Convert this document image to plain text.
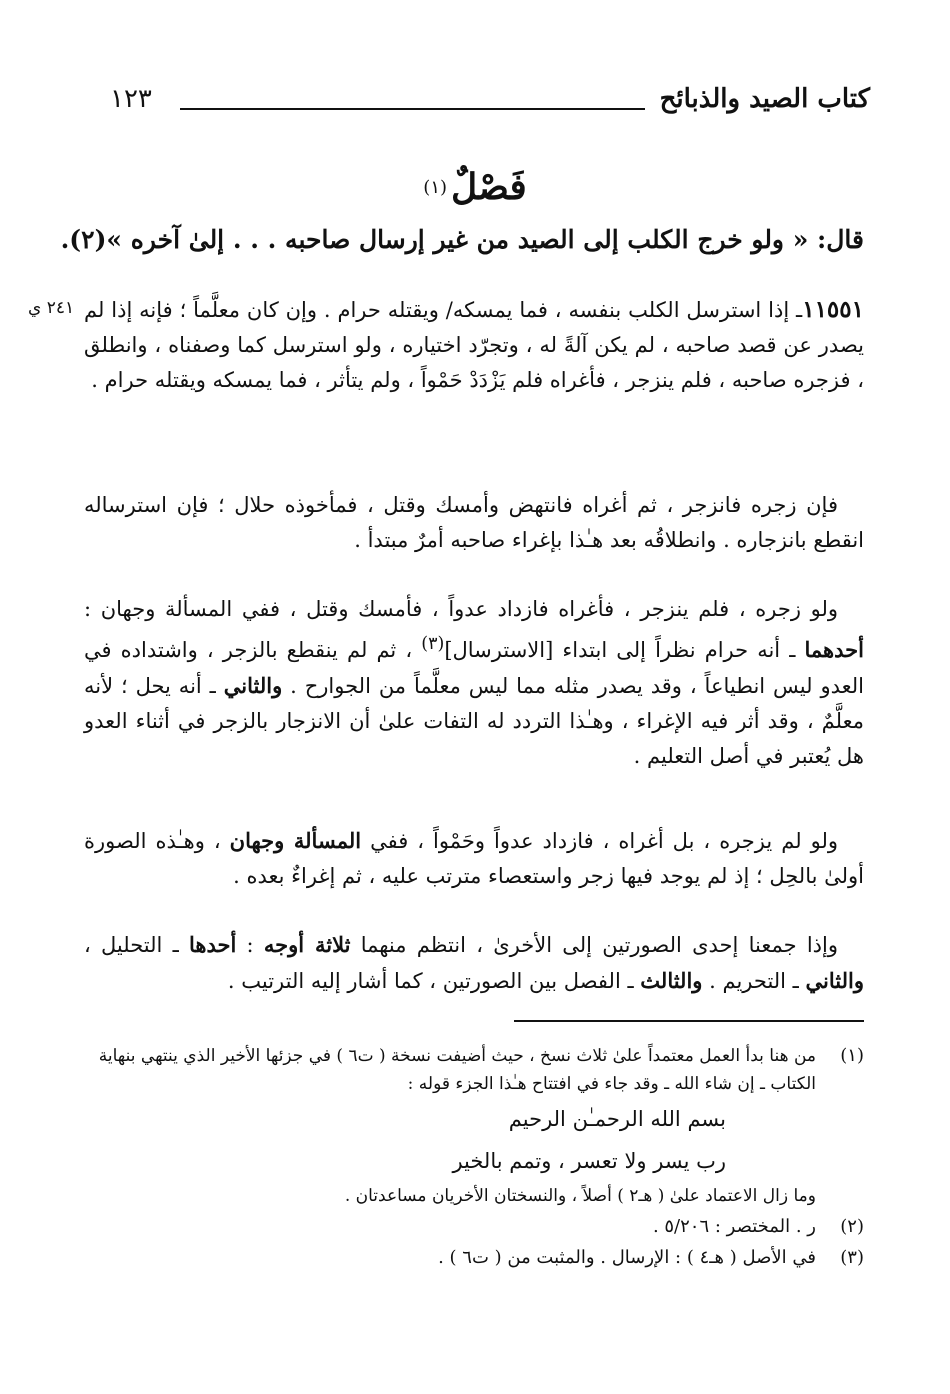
كتاب الصيد والذبائح
١٢٣
فَصْلٌ(١)
قال: « ولو خرج الكلب إلى الصيد من غير إرسال صاحبه . . . إلىٰ آخره »(٢).
٢٤١ ي	١١٥٥١ـ إذا استرسل الكلب بنفسه ، فما يمسكه/ ويقتله حرام . وإن كان معلَّماً ؛ فإنه إذا لم يصدر عن قصد صاحبه ، لم يكن آلةً له ، وتجرّد اختياره ، ولو استرسل كما وصفناه ، وانطلق ، فزجره صاحبه ، فلم ينزجر ، فأغراه فلم يَزْدَدْ حَمْواً ، ولم يتأثر ، فما يمسكه ويقتله حرام .
فإن زجره فانزجر ، ثم أغراه فانتهض وأمسك وقتل ، فمأخوذه حلال ؛ فإن استرساله انقطع بانزجاره . وانطلاقُه بعد هـٰذا بإغراء صاحبه أمرٌ مبتدأ .
ولو زجره ، فلم ينزجر ، فأغراه فازداد عدواً ، فأمسك وقتل ، ففي المسألة وجهان : أحدهما ـ أنه حرام نظراً إلى ابتداء [الاسترسال]$^{(٣)}$ ، ثم لم ينقطع بالزجر ، واشتداده في العدو ليس انطياعاً ، وقد يصدر مثله مما ليس معلَّماً من الجوارح . والثاني ـ أنه يحل ؛ لأنه معلَّمٌ ، وقد أثر فيه الإغراء ، وهـٰذا التردد له التفات علىٰ أن الانزجار بالزجر في أثناء العدو هل يُعتبر في أصل التعليم .
ولو لم يزجره ، بل أغراه ، فازداد عدواً وحَمْواً ، ففي المسألة وجهان ، وهـٰذه الصورة أولىٰ بالحِل ؛ إذ لم يوجد فيها زجر واستعصاء مترتب عليه ، ثم إغراءٌ بعده .
وإذا جمعنا إحدى الصورتين إلى الأخرىٰ ، انتظم منهما ثلاثة أوجه : أحدها ـ التحليل ، والثاني ـ التحريم . والثالث ـ الفصل بين الصورتين ، كما أشار إليه الترتيب .
(١)
من هنا بدأ العمل معتمداً علىٰ ثلاث نسخ ، حيث أضيفت نسخة ( ت٦ ) في جزئها الأخير الذي ينتهي بنهاية الكتاب ـ إن شاء الله ـ وقد جاء في افتتاح هـٰذا الجزء قوله :
بسم الله الرحمـٰن الرحيم
رب يسر ولا تعسر ، وتمم بالخير
وما زال الاعتماد علىٰ ( هـ٢ ) أصلاً ، والنسختان الأخريان مساعدتان .
(٢)
ر . المختصر : ٥/٢٠٦ .
(٣)
في الأصل ( هـ٤ ) : الإرسال . والمثبت من ( ت٦ ) .
